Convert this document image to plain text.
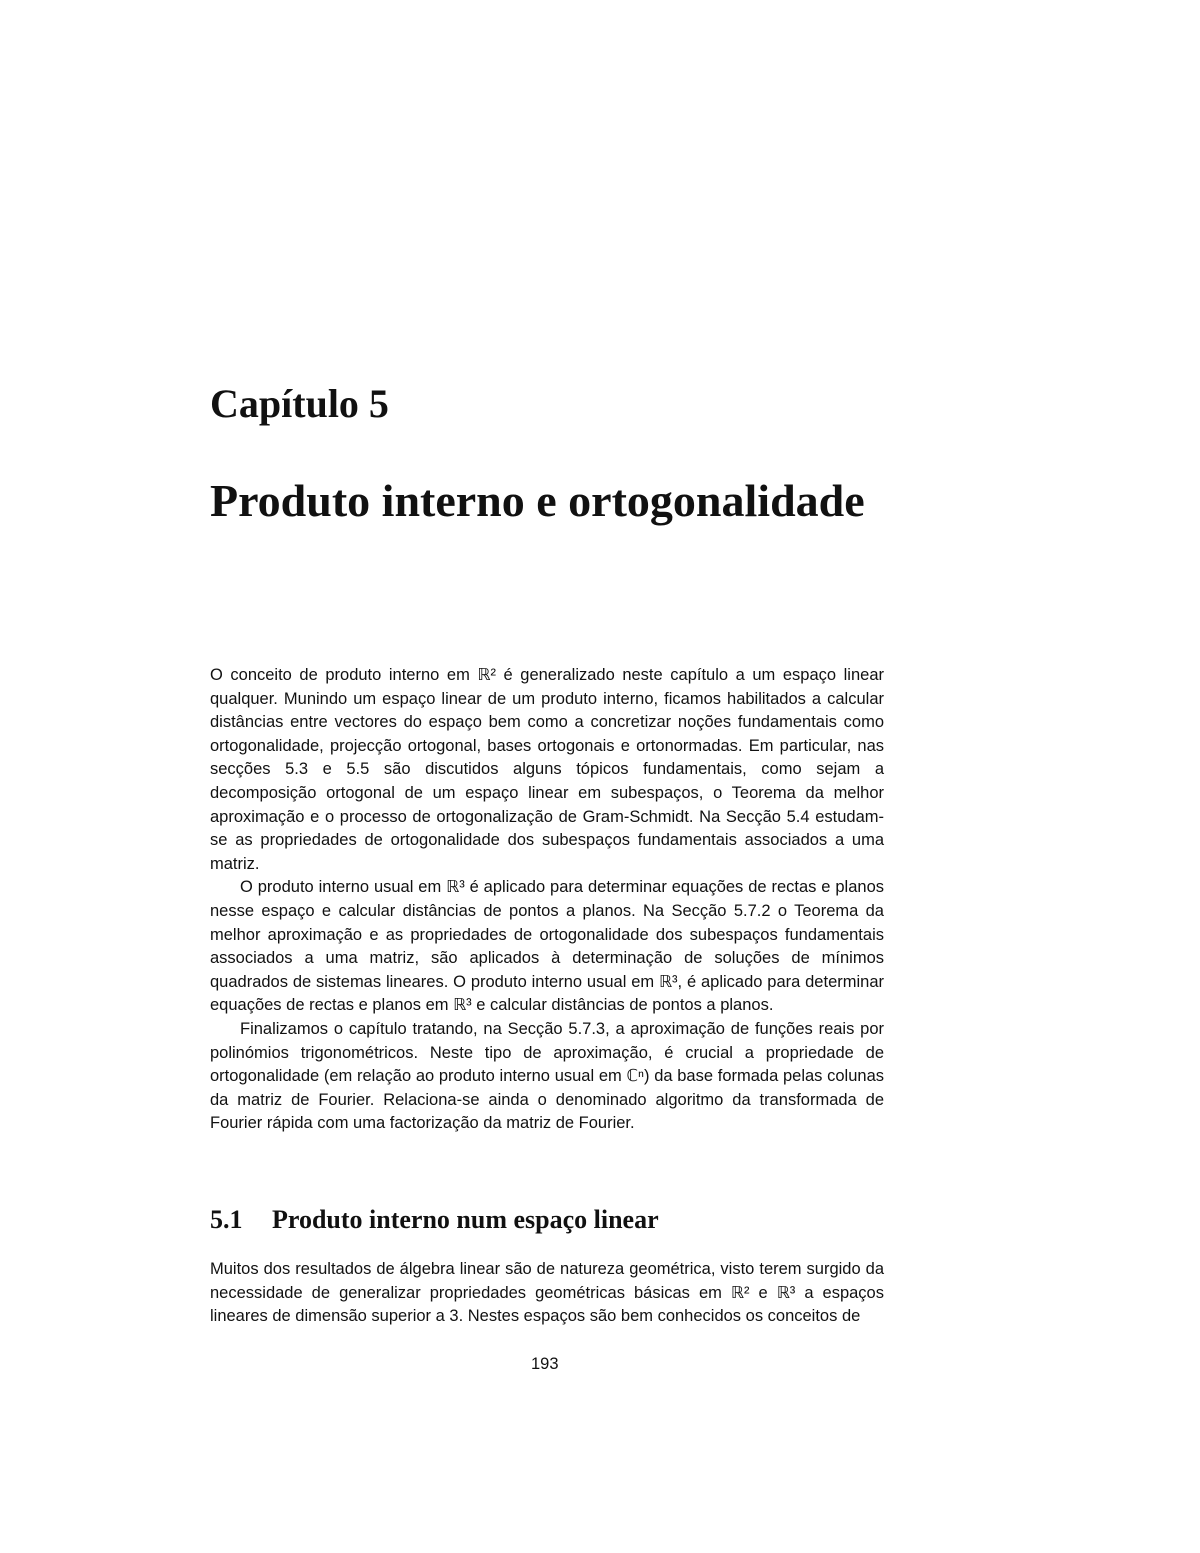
Capítulo 5
Produto interno e ortogonalidade

O conceito de produto interno em ℝ² é generalizado neste capítulo a um espaço linear qualquer. Munindo um espaço linear de um produto interno, ficamos habilitados a calcular distâncias entre vectores do espaço bem como a concretizar noções fundamentais como ortogonalidade, projecção ortogonal, bases ortogonais e ortonormadas. Em particular, nas secções 5.3 e 5.5 são discutidos alguns tópicos fundamentais, como sejam a decomposição ortogonal de um espaço linear em subespaços, o Teorema da melhor aproximação e o processo de ortogonalização de Gram-Schmidt. Na Secção 5.4 estudam-se as propriedades de ortogonalidade dos subespaços fundamentais associados a uma matriz.

O produto interno usual em ℝ³ é aplicado para determinar equações de rectas e planos nesse espaço e calcular distâncias de pontos a planos. Na Secção 5.7.2 o Teorema da melhor aproximação e as propriedades de ortogonalidade dos subespaços fundamentais associados a uma matriz, são aplicados à determinação de soluções de mínimos quadrados de sistemas lineares. O produto interno usual em ℝ³, é aplicado para determinar equações de rectas e planos em ℝ³ e calcular distâncias de pontos a planos.

Finalizamos o capítulo tratando, na Secção 5.7.3, a aproximação de funções reais por polinómios trigonométricos. Neste tipo de aproximação, é crucial a propriedade de ortogonalidade (em relação ao produto interno usual em ℂⁿ) da base formada pelas colunas da matriz de Fourier. Relaciona-se ainda o denominado algoritmo da transformada de Fourier rápida com uma factorização da matriz de Fourier.

5.1 Produto interno num espaço linear

Muitos dos resultados de álgebra linear são de natureza geométrica, visto terem surgido da necessidade de generalizar propriedades geométricas básicas em ℝ² e ℝ³ a espaços lineares de dimensão superior a 3. Nestes espaços são bem conhecidos os conceitos de

193
